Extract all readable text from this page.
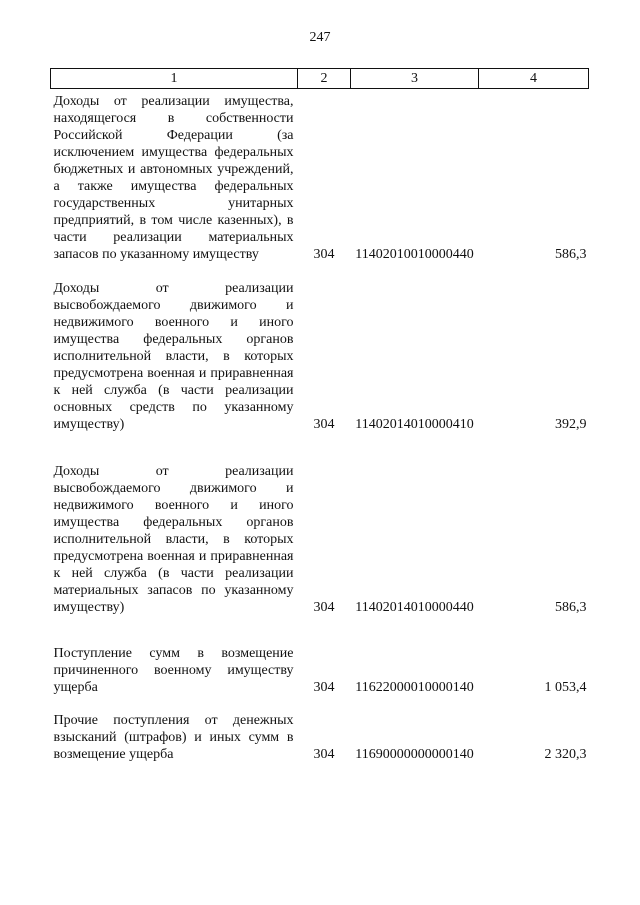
247
1	2	3	4
Доходы от реализации имущества, находящегося в собственности Российской Федерации (за исключением имущества федеральных бюджетных и автономных учреждений, а также имущества федеральных государственных унитарных предприятий, в том числе казенных), в части реализации материальных запасов по указанному имуществу	304	11402010010000440	586,3
Доходы от реализации высвобождаемого движимого и недвижимого военного и иного имущества федеральных органов исполнительной власти, в которых предусмотрена военная и приравненная к ней служба (в части реализации основных средств по указанному имуществу)	304	11402014010000410	392,9
Доходы от реализации высвобождаемого движимого и недвижимого военного и иного имущества федеральных органов исполнительной власти, в которых предусмотрена военная и приравненная к ней служба (в части реализации материальных запасов по указанному имуществу)	304	11402014010000440	586,3
Поступление сумм в возмещение причиненного военному имуществу ущерба	304	11622000010000140	1 053,4
Прочие поступления от денежных взысканий (штрафов) и иных сумм в возмещение ущерба	304	11690000000000140	2 320,3
